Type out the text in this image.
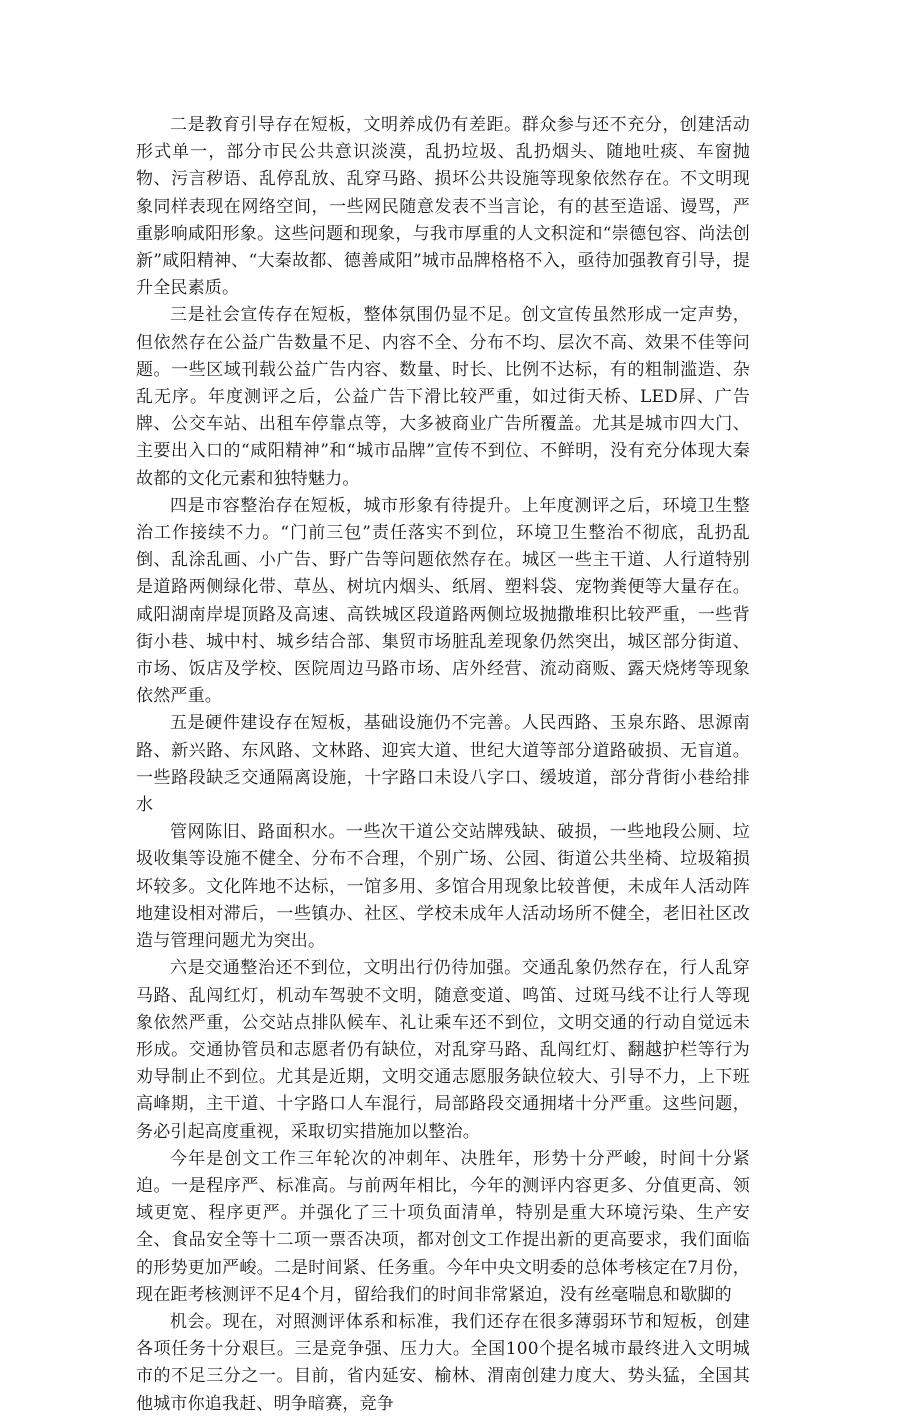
二是教育引导存在短板，文明养成仍有差距。群众参与还不充分，创建活动形式单一，部分市民公共意识淡漠，乱扔垃圾、乱扔烟头、随地吐痰、车窗抛物、污言秽语、乱停乱放、乱穿马路、损坏公共设施等现象依然存在。不文明现象同样表现在网络空间，一些网民随意发表不当言论，有的甚至造谣、谩骂，严重影响咸阳形象。这些问题和现象，与我市厚重的人文积淀和“崇德包容、尚法创新”咸阳精神、“大秦故都、德善咸阳”城市品牌格格不入，亟待加强教育引导，提升全民素质。

三是社会宣传存在短板，整体氛围仍显不足。创文宣传虽然形成一定声势，但依然存在公益广告数量不足、内容不全、分布不均、层次不高、效果不佳等问题。一些区域刊载公益广告内容、数量、时长、比例不达标，有的粗制滥造、杂乱无序。年度测评之后，公益广告下滑比较严重，如过街天桥、LED屏、广告牌、公交车站、出租车停靠点等，大多被商业广告所覆盖。尤其是城市四大门、主要出入口的“咸阳精神”和“城市品牌”宣传不到位、不鲜明，没有充分体现大秦故都的文化元素和独特魅力。

四是市容整治存在短板，城市形象有待提升。上年度测评之后，环境卫生整治工作接续不力。“门前三包”责任落实不到位，环境卫生整治不彻底，乱扔乱倒、乱涂乱画、小广告、野广告等问题依然存在。城区一些主干道、人行道特别是道路两侧绿化带、草丛、树坑内烟头、纸屑、塑料袋、宠物粪便等大量存在。咸阳湖南岸堤顶路及高速、高铁城区段道路两侧垃圾抛撒堆积比较严重，一些背街小巷、城中村、城乡结合部、集贸市场脏乱差现象仍然突出，城区部分街道、市场、饭店及学校、医院周边马路市场、店外经营、流动商贩、露天烧烤等现象依然严重。

五是硬件建设存在短板，基础设施仍不完善。人民西路、玉泉东路、思源南路、新兴路、东风路、文林路、迎宾大道、世纪大道等部分道路破损、无盲道。一些路段缺乏交通隔离设施，十字路口未设八字口、缓坡道，部分背街小巷给排水

管网陈旧、路面积水。一些次干道公交站牌残缺、破损，一些地段公厕、垃圾收集等设施不健全、分布不合理，个别广场、公园、街道公共坐椅、垃圾箱损坏较多。文化阵地不达标，一馆多用、多馆合用现象比较普便，未成年人活动阵地建设相对滞后，一些镇办、社区、学校未成年人活动场所不健全，老旧社区改造与管理问题尤为突出。

六是交通整治还不到位，文明出行仍待加强。交通乱象仍然存在，行人乱穿马路、乱闯红灯，机动车驾驶不文明，随意变道、鸣笛、过斑马线不让行人等现象依然严重，公交站点排队候车、礼让乘车还不到位，文明交通的行动自觉远未形成。交通协管员和志愿者仍有缺位，对乱穿马路、乱闯红灯、翻越护栏等行为劝导制止不到位。尤其是近期，文明交通志愿服务缺位较大、引导不力，上下班高峰期，主干道、十字路口人车混行，局部路段交通拥堵十分严重。这些问题，务必引起高度重视，采取切实措施加以整治。

今年是创文工作三年轮次的冲刺年、决胜年，形势十分严峻，时间十分紧迫。一是程序严、标准高。与前两年相比，今年的测评内容更多、分值更高、领域更宽、程序更严。并强化了三十项负面清单，特别是重大环境污染、生产安全、食品安全等十二项一票否决项，都对创文工作提出新的更高要求，我们面临的形势更加严峻。二是时间紧、任务重。今年中央文明委的总体考核定在7月份，现在距考核测评不足4个月，留给我们的时间非常紧迫，没有丝毫喘息和歇脚的

机会。现在，对照测评体系和标准，我们还存在很多薄弱环节和短板，创建各项任务十分艰巨。三是竞争强、压力大。全国100个提名城市最终进入文明城市的不足三分之一。目前，省内延安、榆林、渭南创建力度大、势头猛，全国其他城市你追我赶、明争暗赛，竞争
